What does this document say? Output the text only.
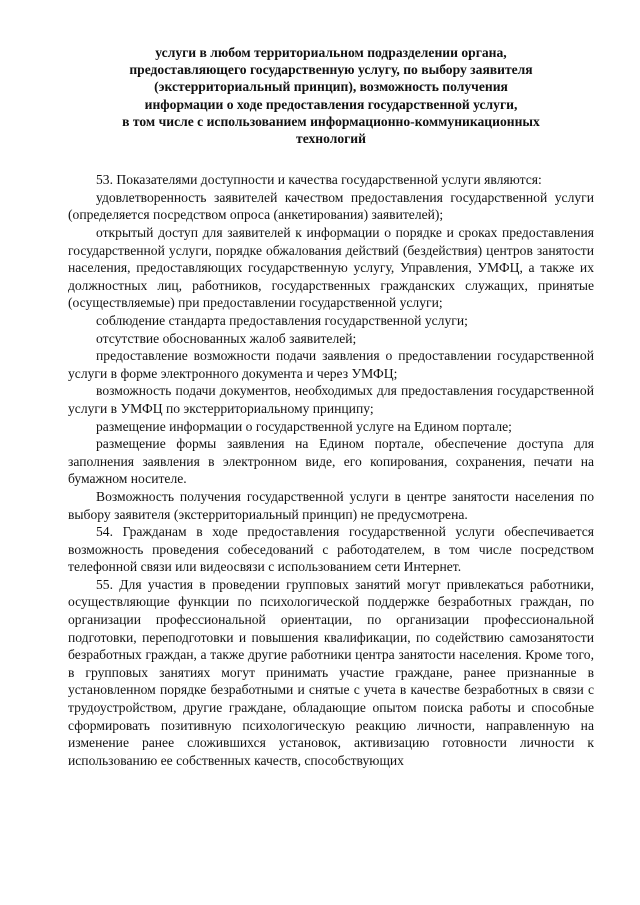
услуги в любом территориальном подразделении органа,
предоставляющего государственную услугу, по выбору заявителя
(экстерриториальный принцип), возможность получения
информации о ходе предоставления государственной услуги,
в том числе с использованием информационно-коммуникационных
технологий

53. Показателями доступности и качества государственной услуги являются:

удовлетворенность заявителей качеством предоставления государственной услуги (определяется посредством опроса (анкетирования) заявителей);

открытый доступ для заявителей к информации о порядке и сроках предоставления государственной услуги, порядке обжалования действий (бездействия) центров занятости населения, предоставляющих государственную услугу, Управления, УМФЦ, а также их должностных лиц, работников, государственных гражданских служащих, принятые (осуществляемые) при предоставлении государственной услуги;

соблюдение стандарта предоставления государственной услуги;

отсутствие обоснованных жалоб заявителей;

предоставление возможности подачи заявления о предоставлении государственной услуги в форме электронного документа и через УМФЦ;

возможность подачи документов, необходимых для предоставления государственной услуги в УМФЦ по экстерриториальному принципу;

размещение информации о государственной услуге на Едином портале;

размещение формы заявления на Едином портале, обеспечение доступа для заполнения заявления в электронном виде, его копирования, сохранения, печати на бумажном носителе.

Возможность получения государственной услуги в центре занятости населения по выбору заявителя (экстерриториальный принцип) не предусмотрена.

54. Гражданам в ходе предоставления государственной услуги обеспечивается возможность проведения собеседований с работодателем, в том числе посредством телефонной связи или видеосвязи с использованием сети Интернет.

55. Для участия в проведении групповых занятий могут привлекаться работники, осуществляющие функции по психологической поддержке безработных граждан, по организации профессиональной ориентации, по организации профессиональной подготовки, переподготовки и повышения квалификации, по содействию самозанятости безработных граждан, а также другие работники центра занятости населения. Кроме того, в групповых занятиях могут принимать участие граждане, ранее признанные в установленном порядке безработными и снятые с учета в качестве безработных в связи с трудоустройством, другие граждане, обладающие опытом поиска работы и способные сформировать позитивную психологическую реакцию личности, направленную на изменение ранее сложившихся установок, активизацию готовности личности к использованию ее собственных качеств, способствующих
